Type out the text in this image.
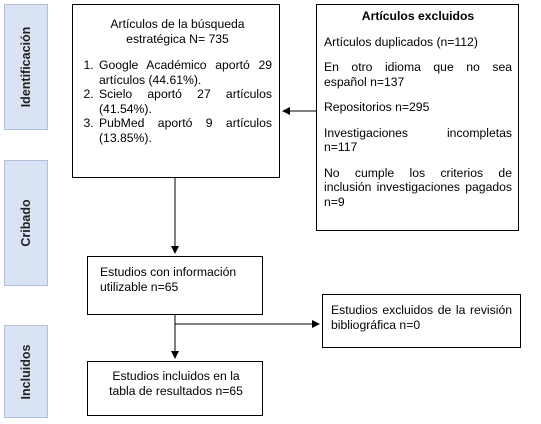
Identificación
Cribado
Incluidos
Artículos de la búsqueda estratégica N= 735
1. Google Académico aportó 29 artículos (44.61%).
2. Scielo aportó 27 artículos (41.54%).
3. PubMed aportó 9 artículos (13.85%).
Artículos excluidos
Artículos duplicados (n=112)
En otro idioma que no sea español n=137
Repositorios n=295
Investigaciones incompletas n=117
No cumple los criterios de inclusión investigaciones pagados n=9
Estudios con información utilizable n=65
Estudios excluidos de la revisión bibliográfica n=0
Estudios incluidos en la tabla de resultados n=65
